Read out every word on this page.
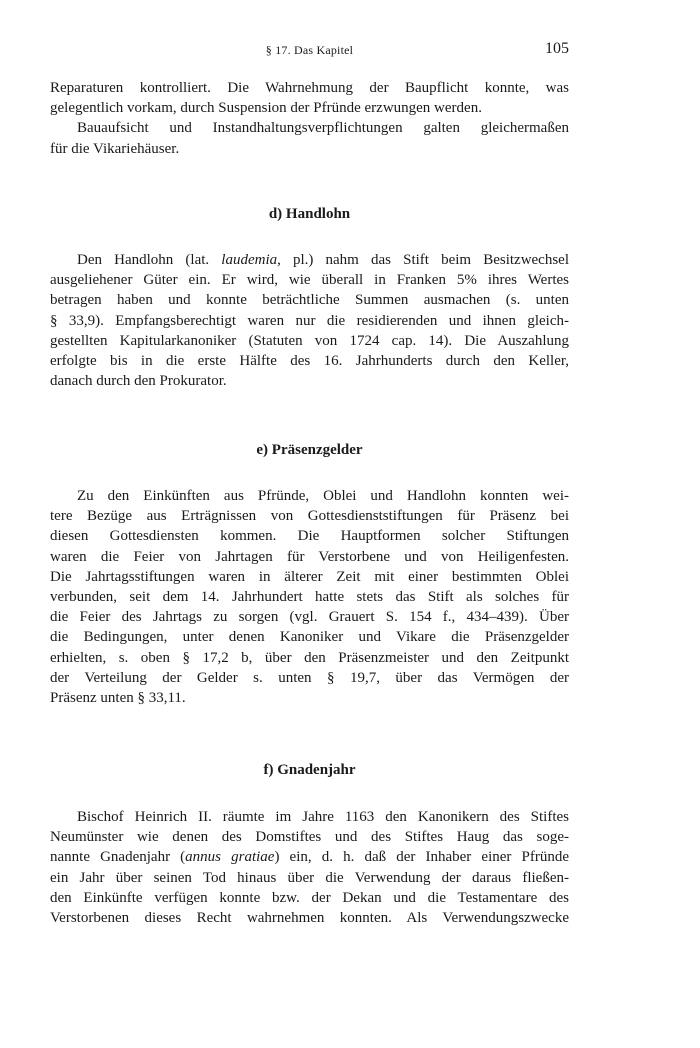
§ 17. Das Kapitel	105

Reparaturen kontrolliert. Die Wahrnehmung der Baupflicht konnte, was

gelegentlich vorkam, durch Suspension der Pfründe erzwungen werden.

Bauaufsicht und Instandhaltungsverpflichtungen galten gleichermaßen

für die Vikariehäuser.

d) Handlohn

Den Handlohn (lat. laudemia, pl.) nahm das Stift beim Besitzwechsel

ausgeliehener Güter ein. Er wird, wie überall in Franken 5% ihres Wertes

betragen haben und konnte beträchtliche Summen ausmachen (s. unten

§ 33,9). Empfangsberechtigt waren nur die residierenden und ihnen gleich-

gestellten Kapitularkanoniker (Statuten von 1724 cap. 14). Die Auszahlung

erfolgte bis in die erste Hälfte des 16. Jahrhunderts durch den Keller,

danach durch den Prokurator.

e) Präsenzgelder

Zu den Einkünften aus Pfründe, Oblei und Handlohn konnten wei-

tere Bezüge aus Erträgnissen von Gottesdienststiftungen für Präsenz bei

diesen Gottesdiensten kommen. Die Hauptformen solcher Stiftungen

waren die Feier von Jahrtagen für Verstorbene und von Heiligenfesten.

Die Jahrtagsstiftungen waren in älterer Zeit mit einer bestimmten Oblei

verbunden, seit dem 14. Jahrhundert hatte stets das Stift als solches für

die Feier des Jahrtags zu sorgen (vgl. Grauert S. 154 f., 434–439). Über

die Bedingungen, unter denen Kanoniker und Vikare die Präsenzgelder

erhielten, s. oben § 17,2 b, über den Präsenzmeister und den Zeitpunkt

der Verteilung der Gelder s. unten § 19,7, über das Vermögen der

Präsenz unten § 33,11.

f) Gnadenjahr

Bischof Heinrich II. räumte im Jahre 1163 den Kanonikern des Stiftes

Neumünster wie denen des Domstiftes und des Stiftes Haug das soge-

nannte Gnadenjahr (annus gratiae) ein, d. h. daß der Inhaber einer Pfründe

ein Jahr über seinen Tod hinaus über die Verwendung der daraus fließen-

den Einkünfte verfügen konnte bzw. der Dekan und die Testamentare des

Verstorbenen dieses Recht wahrnehmen konnten. Als Verwendungszwecke
